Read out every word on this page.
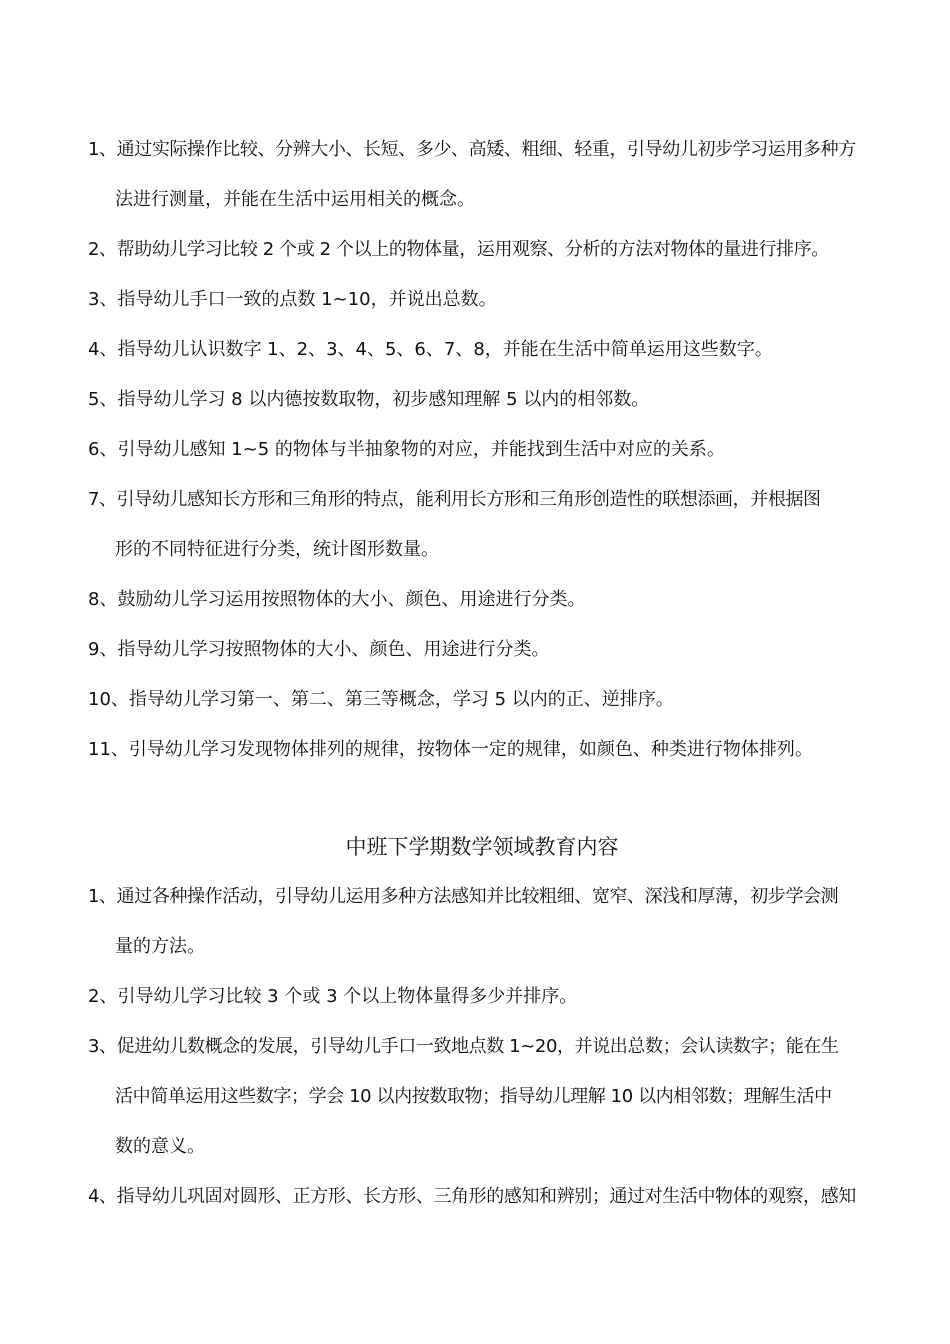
1、通过实际操作比较、分辨大小、长短、多少、高矮、粗细、轻重，引导幼儿初步学习运用多种方
法进行测量，并能在生活中运用相关的概念。
2、帮助幼儿学习比较 2 个或 2 个以上的物体量，运用观察、分析的方法对物体的量进行排序。
3、指导幼儿手口一致的点数 1~10，并说出总数。
4、指导幼儿认识数字 1、2、3、4、5、6、7、8，并能在生活中简单运用这些数字。
5、指导幼儿学习 8 以内德按数取物，初步感知理解 5 以内的相邻数。
6、引导幼儿感知 1~5 的物体与半抽象物的对应，并能找到生活中对应的关系。
7、引导幼儿感知长方形和三角形的特点，能利用长方形和三角形创造性的联想添画，并根据图
形的不同特征进行分类，统计图形数量。
8、鼓励幼儿学习运用按照物体的大小、颜色、用途进行分类。
9、指导幼儿学习按照物体的大小、颜色、用途进行分类。
10、指导幼儿学习第一、第二、第三等概念，学习 5 以内的正、逆排序。
11、引导幼儿学习发现物体排列的规律，按物体一定的规律，如颜色、种类进行物体排列。
中班下学期数学领域教育内容
1、通过各种操作活动，引导幼儿运用多种方法感知并比较粗细、宽窄、深浅和厚薄，初步学会测
量的方法。
2、引导幼儿学习比较 3 个或 3 个以上物体量得多少并排序。
3、促进幼儿数概念的发展，引导幼儿手口一致地点数 1~20，并说出总数；会认读数字；能在生
活中简单运用这些数字；学会 10 以内按数取物；指导幼儿理解 10 以内相邻数；理解生活中
数的意义。
4、指导幼儿巩固对圆形、正方形、长方形、三角形的感知和辨别；通过对生活中物体的观察，感知
